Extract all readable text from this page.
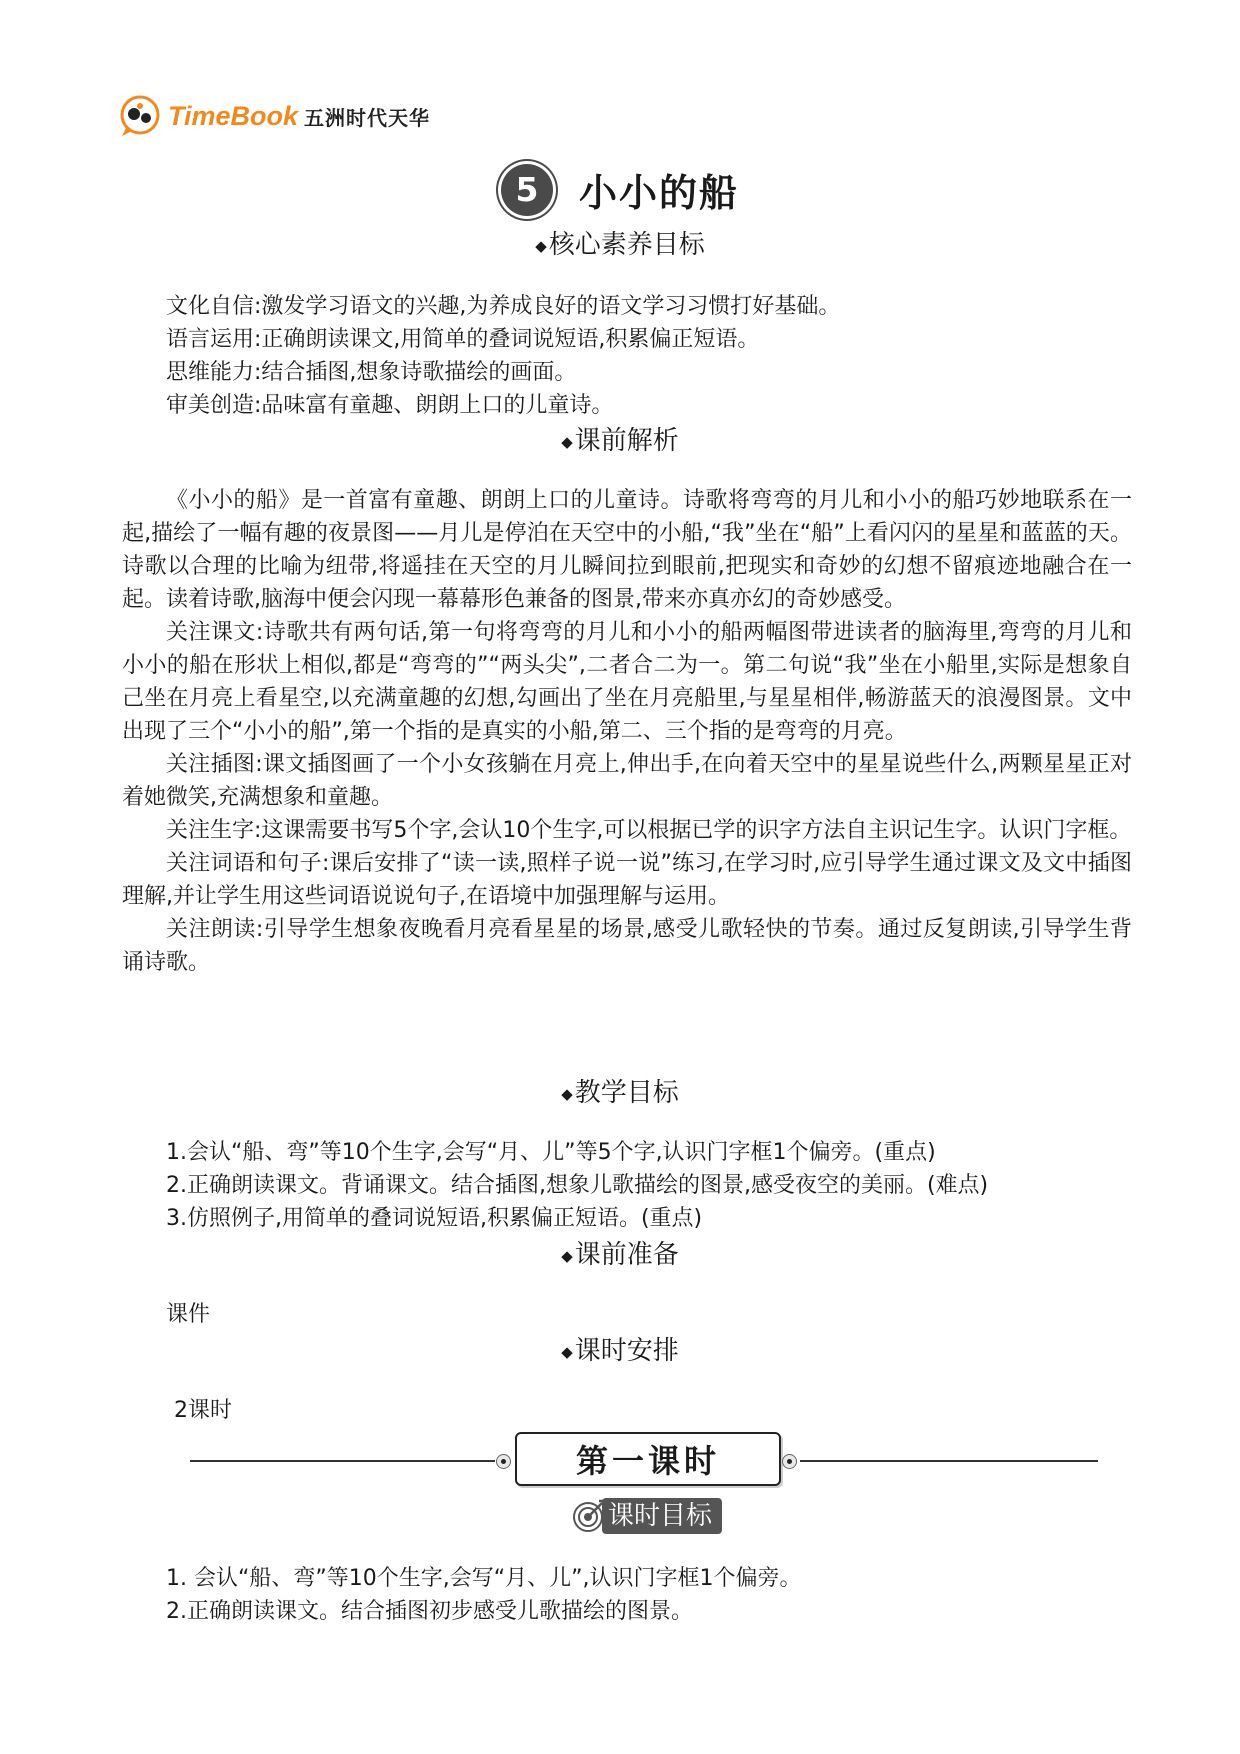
TimeBook 五洲时代天华
5	小小的船
◆核心素养目标
文化自信:激发学习语文的兴趣,为养成良好的语文学习习惯打好基础。
语言运用:正确朗读课文,用简单的叠词说短语,积累偏正短语。
思维能力:结合插图,想象诗歌描绘的画面。
审美创造:品味富有童趣、朗朗上口的儿童诗。
◆课前解析

《小小的船》是一首富有童趣、朗朗上口的儿童诗。诗歌将弯弯的月儿和小小的船巧妙地联系在一起,描绘了一幅有趣的夜景图——月儿是停泊在天空中的小船,“我”坐在“船”上看闪闪的星星和蓝蓝的天。诗歌以合理的比喻为纽带,将遥挂在天空的月儿瞬间拉到眼前,把现实和奇妙的幻想不留痕迹地融合在一起。读着诗歌,脑海中便会闪现一幕幕形色兼备的图景,带来亦真亦幻的奇妙感受。

关注课文:诗歌共有两句话,第一句将弯弯的月儿和小小的船两幅图带进读者的脑海里,弯弯的月儿和小小的船在形状上相似,都是“弯弯的”“两头尖”,二者合二为一。第二句说“我”坐在小船里,实际是想象自己坐在月亮上看星空,以充满童趣的幻想,勾画出了坐在月亮船里,与星星相伴,畅游蓝天的浪漫图景。文中出现了三个“小小的船”,第一个指的是真实的小船,第二、三个指的是弯弯的月亮。

关注插图:课文插图画了一个小女孩躺在月亮上,伸出手,在向着天空中的星星说些什么,两颗星星正对着她微笑,充满想象和童趣。

关注生字:这课需要书写5个字,会认10个生字,可以根据已学的识字方法自主识记生字。认识门字框。

关注词语和句子:课后安排了“读一读,照样子说一说”练习,在学习时,应引导学生通过课文及文中插图理解,并让学生用这些词语说说句子,在语境中加强理解与运用。

关注朗读:引导学生想象夜晚看月亮看星星的场景,感受儿歌轻快的节奏。通过反复朗读,引导学生背诵诗歌。

◆教学目标
1.会认“船、弯”等10个生字,会写“月、儿”等5个字,认识门字框1个偏旁。(重点)
2.正确朗读课文。背诵课文。结合插图,想象儿歌描绘的图景,感受夜空的美丽。(难点)
3.仿照例子,用简单的叠词说短语,积累偏正短语。(重点)
◆课前准备
课件
◆课时安排
2课时
第一课时
课时目标
1. 会认“船、弯”等10个生字,会写“月、儿”,认识门字框1个偏旁。
2.正确朗读课文。结合插图初步感受儿歌描绘的图景。
